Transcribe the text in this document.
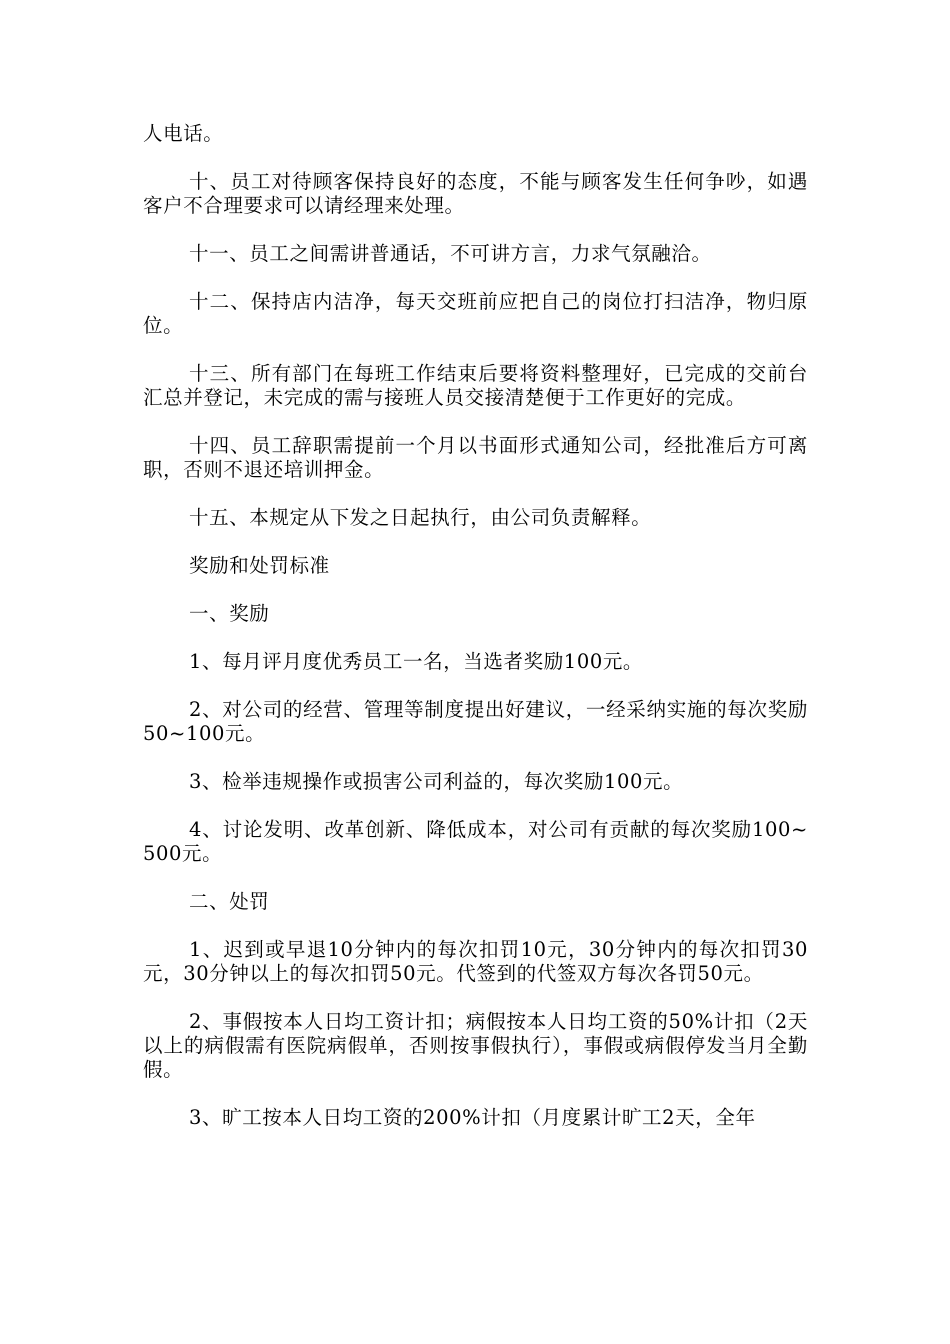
人电话。

十、员工对待顾客保持良好的态度，不能与顾客发生任何争吵，如遇客户不合理要求可以请经理来处理。

十一、员工之间需讲普通话，不可讲方言，力求气氛融洽。

十二、保持店内洁净，每天交班前应把自己的岗位打扫洁净，物归原位。

十三、所有部门在每班工作结束后要将资料整理好，已完成的交前台汇总并登记，未完成的需与接班人员交接清楚便于工作更好的完成。

十四、员工辞职需提前一个月以书面形式通知公司，经批准后方可离职，否则不退还培训押金。

十五、本规定从下发之日起执行，由公司负责解释。

奖励和处罚标准

一、奖励

1、每月评月度优秀员工一名，当选者奖励100元。

2、对公司的经营、管理等制度提出好建议，一经采纳实施的每次奖励50~100元。

3、检举违规操作或损害公司利益的，每次奖励100元。

4、讨论发明、改革创新、降低成本，对公司有贡献的每次奖励100~500元。

二、处罚

1、迟到或早退10分钟内的每次扣罚10元，30分钟内的每次扣罚30元，30分钟以上的每次扣罚50元。代签到的代签双方每次各罚50元。

2、事假按本人日均工资计扣；病假按本人日均工资的50%计扣（2天以上的病假需有医院病假单，否则按事假执行），事假或病假停发当月全勤假。

3、旷工按本人日均工资的200%计扣（月度累计旷工2天，全年
